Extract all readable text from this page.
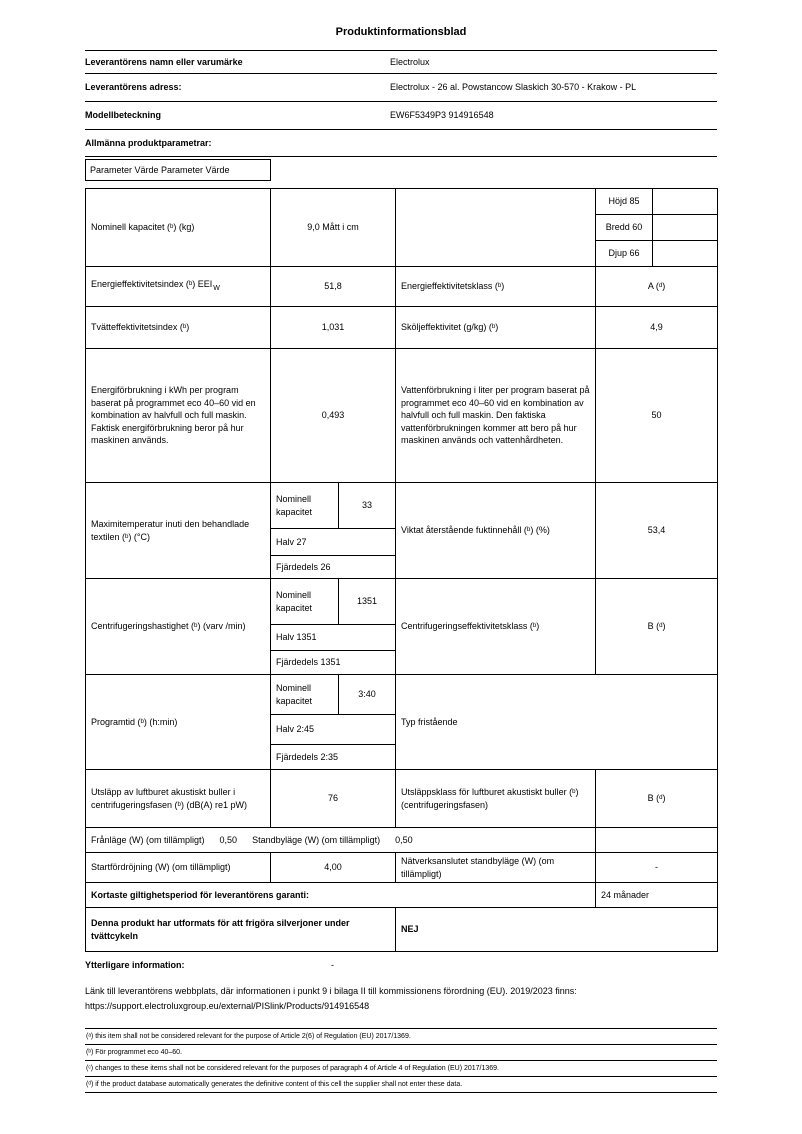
Produktinformationsblad
Leverantörens namn eller varumärke	Electrolux
Leverantörens adress:	Electrolux - 26 al. Powstancow Slaskich 30-570 - Krakow - PL
Modellbeteckning	EW6F5349P3 914916548
Allmänna produktparametrar:	
Parameter Värde Parameter Värde
Nominell kapacitet (ᵇ) (kg)	9,0 Mått i cm			Höjd 85	
				Bredd 60	
				Djup 66	
Energieffektivitetsindex (ᵇ) $EEI_W$	51,8		Energieffektivitetsklass (ᵇ)	A (ᵈ)	
Tvätteffektivitetsindex (ᵇ)	1,031		Sköljeffektivitet (g/kg) (ᵇ)	4,9	
Energiförbrukning i kWh per program baserat på programmet eco 40–60 vid en kombination av halvfull och full maskin. Faktisk energiförbrukning beror på hur maskinen används.	0,493		Vattenförbrukning i liter per program baserat på programmet eco 40–60 vid en kombination av halvfull och full maskin. Den faktiska vattenförbrukningen kommer att bero på hur maskinen används och vattenhårdheten.	50	
Maximitemperatur inuti den behandlade textilen (ᵇ) (°C)	Nominell kapacitet	33	Viktat återstående fuktinnehåll (ᵇ) (%)	53,4	
	Halv 27				
	Fjärdedels 26				
Centrifugeringshastighet (ᵇ) (varv /min)	Nominell kapacitet	1351	Centrifugeringseffektivitetsklass (ᵇ)	B (ᵈ)	
	Halv 1351				
	Fjärdedels 1351				
Programtid (ᵇ) (h:min)	Nominell kapacitet	3:40	Typ fristående		
	Halv 2:45				
	Fjärdedels 2:35				
Utsläpp av luftburet akustiskt buller i centrifugeringsfasen (ᵇ) (dB(A) re1 pW)	76		Utsläppsklass för luftburet akustiskt buller (ᵇ) (centrifugeringsfasen)	B (ᵈ)	
Frånläge (W) (om tillämpligt) 0,50 Standbyläge (W) (om tillämpligt) 0,50					
Startfördröjning (W) (om tillämpligt)	4,00		Nätverksanslutet standbyläge (W) (om tillämpligt)	-	
Kortaste giltighetsperiod för leverantörens garanti:				24 månader	
Denna produkt har utformats för att frigöra silverjoner under tvättcykeln			NEJ		
Ytterligare information:	-
Länk till leverantörens webbplats, där informationen i punkt 9 i bilaga II till kommissionens förordning (EU). 2019/2023 finns:
https://support.electroluxgroup.eu/external/PISlink/Products/914916548
(ᵃ) this item shall not be considered relevant for the purpose of Article 2(6) of Regulation (EU) 2017/1369.
(ᵇ) För programmet eco 40–60.
(ᶜ) changes to these items shall not be considered relevant for the purposes of paragraph 4 of Article 4 of Regulation (EU) 2017/1369.
(ᵈ) if the product database automatically generates the definitive content of this cell the supplier shall not enter these data.
